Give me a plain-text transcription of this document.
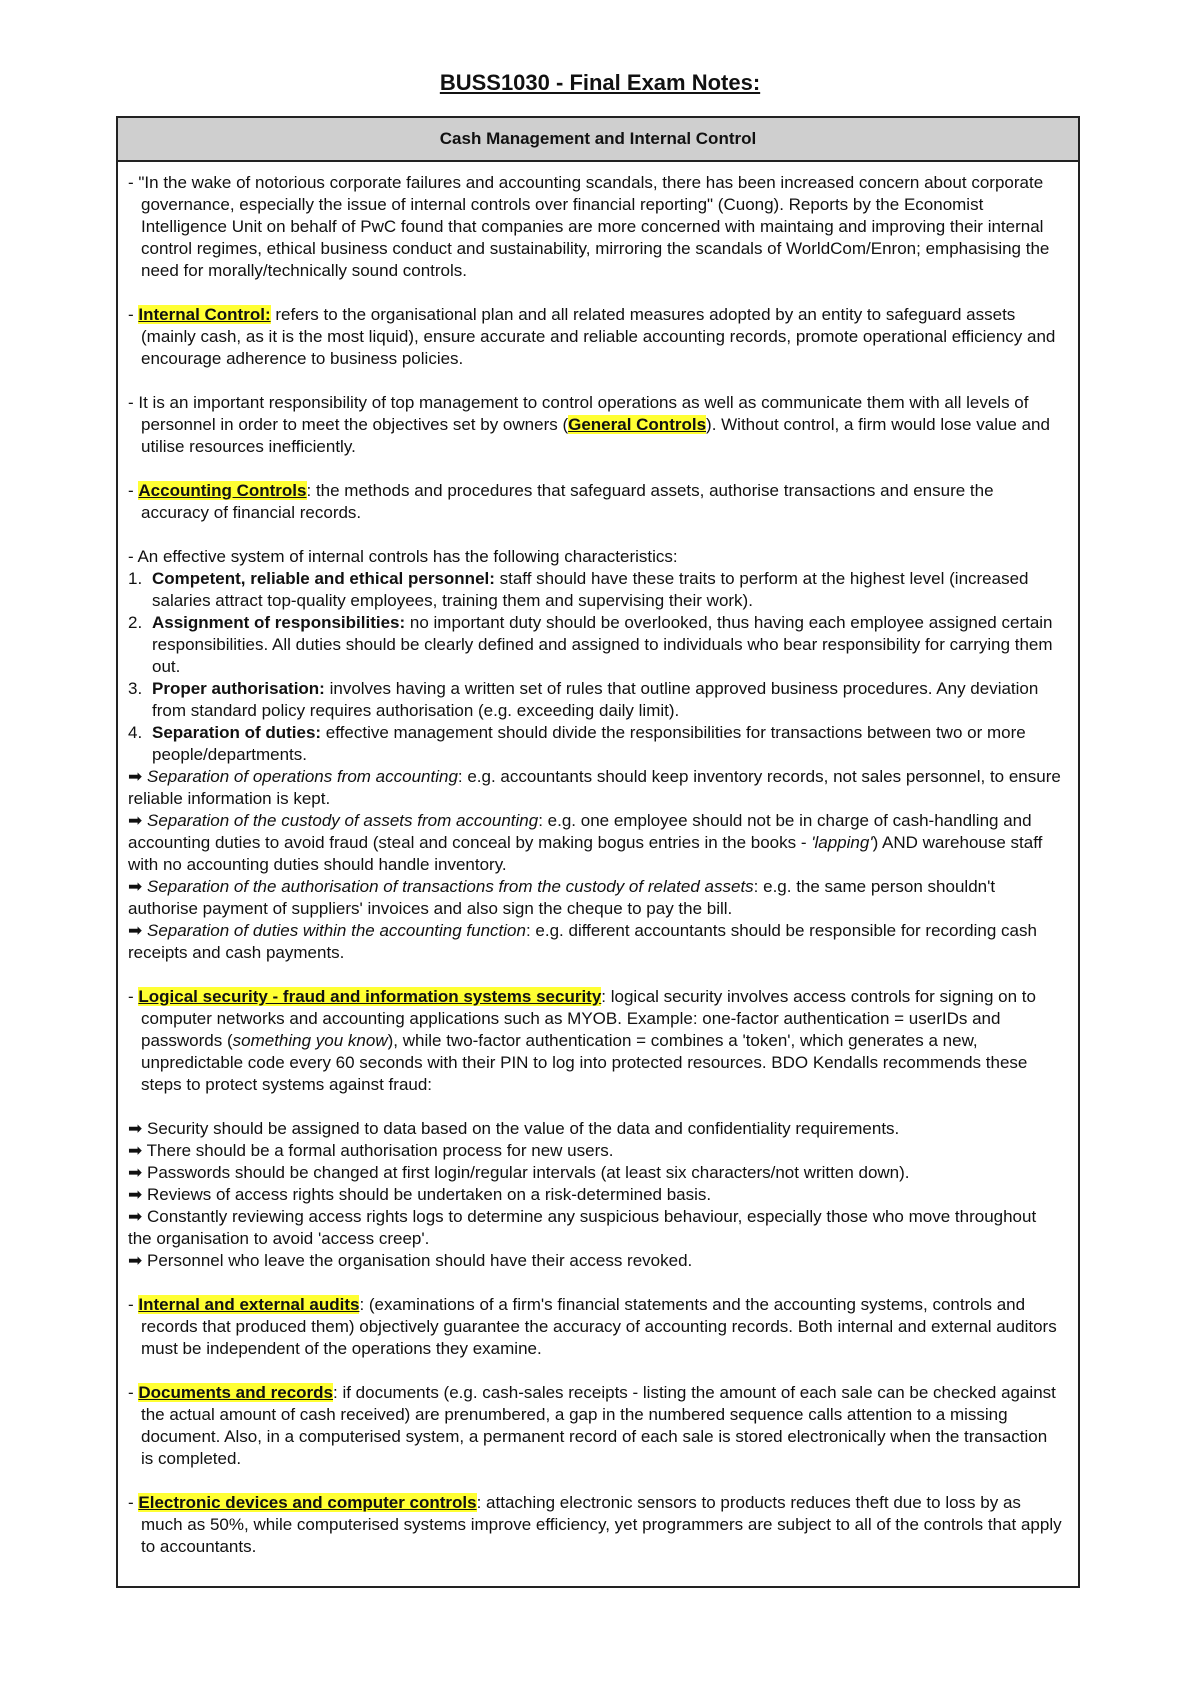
BUSS1030 - Final Exam Notes:
Cash Management and Internal Control

- "In the wake of notorious corporate failures and accounting scandals, there has been increased concern about corporate governance, especially the issue of internal controls over financial reporting" (Cuong). Reports by the Economist Intelligence Unit on behalf of PwC found that companies are more concerned with maintaing and improving their internal control regimes, ethical business conduct and sustainability, mirroring the scandals of WorldCom/Enron; emphasising the need for morally/technically sound controls.

- Internal Control: refers to the organisational plan and all related measures adopted by an entity to safeguard assets (mainly cash, as it is the most liquid), ensure accurate and reliable accounting records, promote operational efficiency and encourage adherence to business policies.

- It is an important responsibility of top management to control operations as well as communicate them with all levels of personnel in order to meet the objectives set by owners (General Controls). Without control, a firm would lose value and utilise resources inefficiently.

- Accounting Controls: the methods and procedures that safeguard assets, authorise transactions and ensure the accuracy of financial records.

- An effective system of internal controls has the following characteristics:

1. Competent, reliable and ethical personnel: staff should have these traits to perform at the highest level (increased salaries attract top-quality employees, training them and supervising their work).
2. Assignment of responsibilities: no important duty should be overlooked, thus having each employee assigned certain responsibilities. All duties should be clearly defined and assigned to individuals who bear responsibility for carrying them out.
3. Proper authorisation: involves having a written set of rules that outline approved business procedures. Any deviation from standard policy requires authorisation (e.g. exceeding daily limit).
4. Separation of duties: effective management should divide the responsibilities for transactions between two or more people/departments.

➡ Separation of operations from accounting: e.g. accountants should keep inventory records, not sales personnel, to ensure reliable information is kept.

➡ Separation of the custody of assets from accounting: e.g. one employee should not be in charge of cash-handling and accounting duties to avoid fraud (steal and conceal by making bogus entries in the books - 'lapping') AND warehouse staff with no accounting duties should handle inventory.

➡ Separation of the authorisation of transactions from the custody of related assets: e.g. the same person shouldn't authorise payment of suppliers' invoices and also sign the cheque to pay the bill.

➡ Separation of duties within the accounting function: e.g. different accountants should be responsible for recording cash receipts and cash payments.

- Logical security - fraud and information systems security: logical security involves access controls for signing on to computer networks and accounting applications such as MYOB. Example: one-factor authentication = userIDs and passwords (something you know), while two-factor authentication = combines a 'token', which generates a new, unpredictable code every 60 seconds with their PIN to log into protected resources. BDO Kendalls recommends these steps to protect systems against fraud:

➡ Security should be assigned to data based on the value of the data and confidentiality requirements.

➡ There should be a formal authorisation process for new users.

➡ Passwords should be changed at first login/regular intervals (at least six characters/not written down).

➡ Reviews of access rights should be undertaken on a risk-determined basis.

➡ Constantly reviewing access rights logs to determine any suspicious behaviour, especially those who move throughout the organisation to avoid 'access creep'.

➡ Personnel who leave the organisation should have their access revoked.

- Internal and external audits: (examinations of a firm's financial statements and the accounting systems, controls and records that produced them) objectively guarantee the accuracy of accounting records. Both internal and external auditors must be independent of the operations they examine.

- Documents and records: if documents (e.g. cash-sales receipts - listing the amount of each sale can be checked against the actual amount of cash received) are prenumbered, a gap in the numbered sequence calls attention to a missing document. Also, in a computerised system, a permanent record of each sale is stored electronically when the transaction is completed.

- Electronic devices and computer controls: attaching electronic sensors to products reduces theft due to loss by as much as 50%, while computerised systems improve efficiency, yet programmers are subject to all of the controls that apply to accountants.
